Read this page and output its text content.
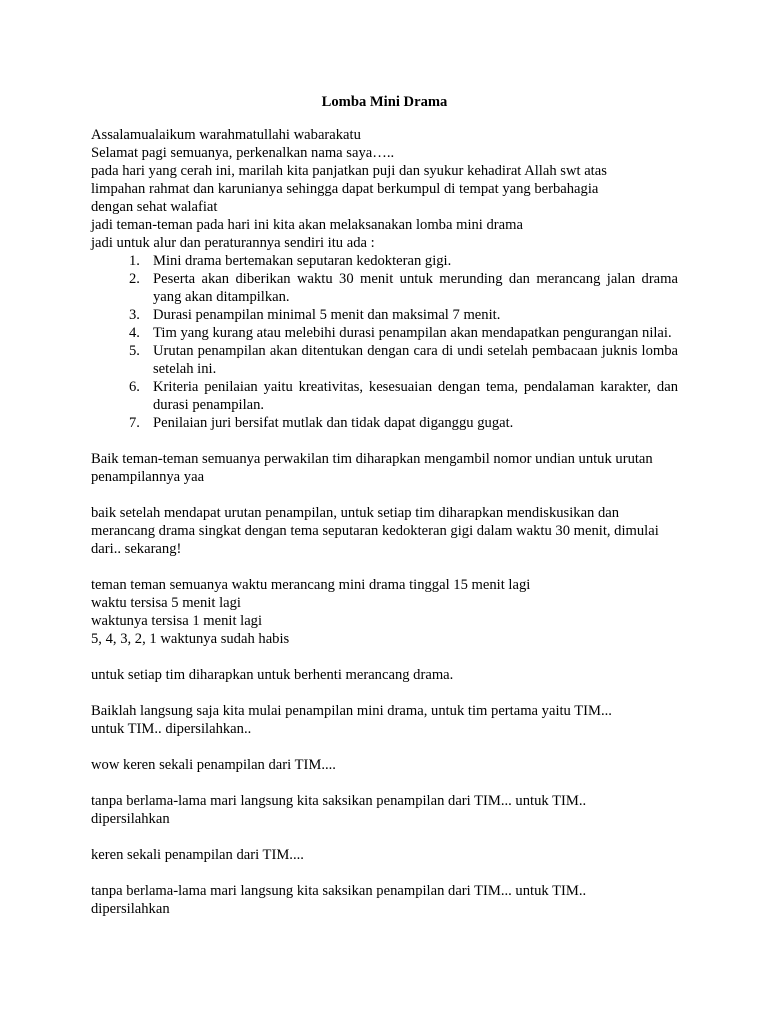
Lomba Mini Drama
Assalamualaikum warahmatullahi wabarakatu
Selamat pagi semuanya, perkenalkan nama saya…..
pada hari yang cerah ini, marilah kita panjatkan puji dan syukur kehadirat Allah swt atas limpahan rahmat dan karunianya sehingga dapat berkumpul di tempat yang berbahagia dengan sehat walafiat
jadi teman-teman pada hari ini kita akan melaksanakan lomba mini drama
jadi untuk alur dan peraturannya sendiri itu ada :
1. Mini drama bertemakan seputaran kedokteran gigi.
2. Peserta akan diberikan waktu 30 menit untuk merunding dan merancang jalan drama yang akan ditampilkan.
3. Durasi penampilan minimal 5 menit dan maksimal 7 menit.
4. Tim yang kurang atau melebihi durasi penampilan akan mendapatkan pengurangan nilai.
5. Urutan penampilan akan ditentukan dengan cara di undi setelah pembacaan juknis lomba setelah ini.
6. Kriteria penilaian yaitu kreativitas, kesesuaian dengan tema, pendalaman karakter, dan durasi penampilan.
7. Penilaian juri bersifat mutlak dan tidak dapat diganggu gugat.
Baik teman-teman semuanya perwakilan tim diharapkan mengambil nomor undian untuk urutan penampilannya yaa
baik setelah mendapat urutan penampilan, untuk setiap tim diharapkan mendiskusikan dan merancang drama singkat dengan tema seputaran kedokteran gigi dalam waktu 30 menit, dimulai dari.. sekarang!
teman teman semuanya waktu merancang mini drama tinggal 15 menit lagi
waktu tersisa 5 menit lagi
waktunya tersisa 1 menit lagi
5, 4, 3, 2, 1 waktunya sudah habis
untuk setiap tim diharapkan untuk berhenti merancang drama.
Baiklah langsung saja kita mulai penampilan mini drama, untuk tim pertama yaitu TIM...
untuk TIM.. dipersilahkan..
wow keren sekali penampilan dari TIM....
tanpa berlama-lama mari langsung kita saksikan penampilan dari TIM... untuk TIM.. dipersilahkan
keren sekali penampilan dari TIM....
tanpa berlama-lama mari langsung kita saksikan penampilan dari TIM... untuk TIM.. dipersilahkan
